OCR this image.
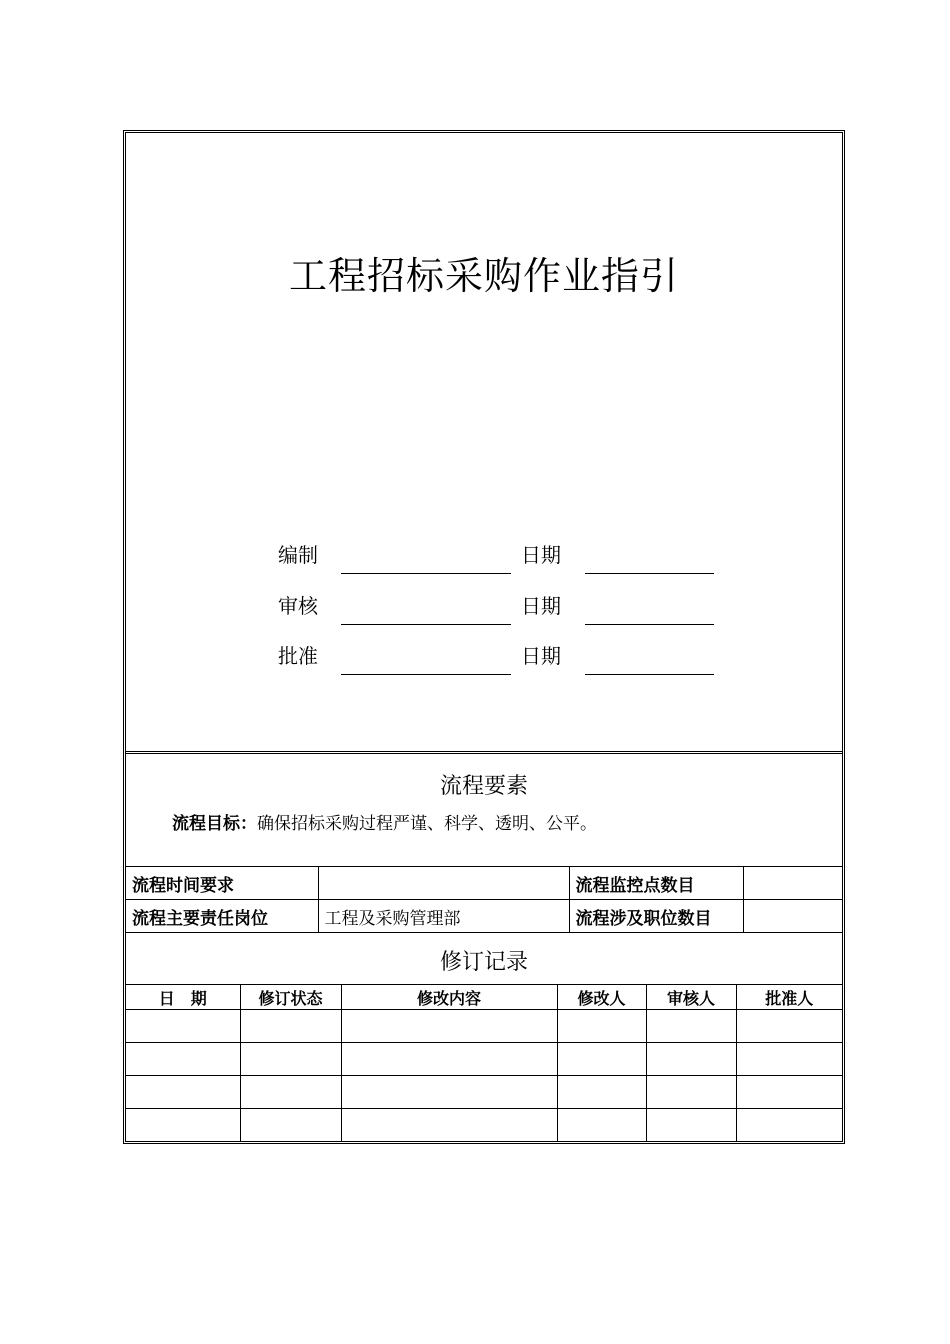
工程招标采购作业指引
编制	日期
审核	日期
批准	日期
流程要素
流程目标：确保招标采购过程严谨、科学、透明、公平。
流程时间要求		流程监控点数目	
流程主要责任岗位	工程及采购管理部	流程涉及职位数目	
修订记录
日　期	修订状态	修改内容	修改人	审核人	批准人
